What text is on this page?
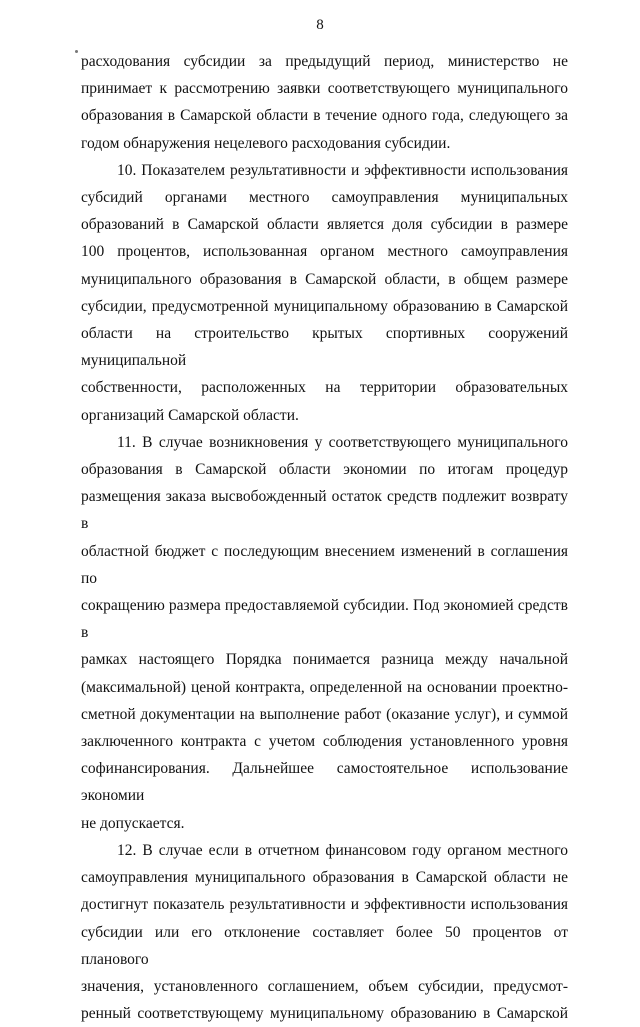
8
расходования субсидии за предыдущий период, министерство не
принимает к рассмотрению заявки соответствующего муниципального
образования в Самарской области в течение одного года, следующего за
годом обнаружения нецелевого расходования субсидии.
10. Показателем результативности и эффективности использования
субсидий органами местного самоуправления муниципальных
образований в Самарской области является доля субсидии в размере
100 процентов, использованная органом местного самоуправления
муниципального образования в Самарской области, в общем размере
субсидии, предусмотренной муниципальному образованию в Самарской
области на строительство крытых спортивных сооружений муниципальной
собственности, расположенных на территории образовательных
организаций Самарской области.
11. В случае возникновения у соответствующего муниципального
образования в Самарской области экономии по итогам процедур
размещения заказа высвобожденный остаток средств подлежит возврату в
областной бюджет с последующим внесением изменений в соглашения по
сокращению размера предоставляемой субсидии. Под экономией средств в
рамках настоящего Порядка понимается разница между начальной
(максимальной) ценой контракта, определенной на основании проектно-
сметной документации на выполнение работ (оказание услуг), и суммой
заключенного контракта с учетом соблюдения установленного уровня
софинансирования. Дальнейшее самостоятельное использование экономии
не допускается.
12. В случае если в отчетном финансовом году органом местного
самоуправления муниципального образования в Самарской области не
достигнут показатель результативности и эффективности использования
субсидии или его отклонение составляет более 50 процентов от планового
значения, установленного соглашением, объем субсидии, предусмот-
ренный соответствующему муниципальному образованию в Самарской
